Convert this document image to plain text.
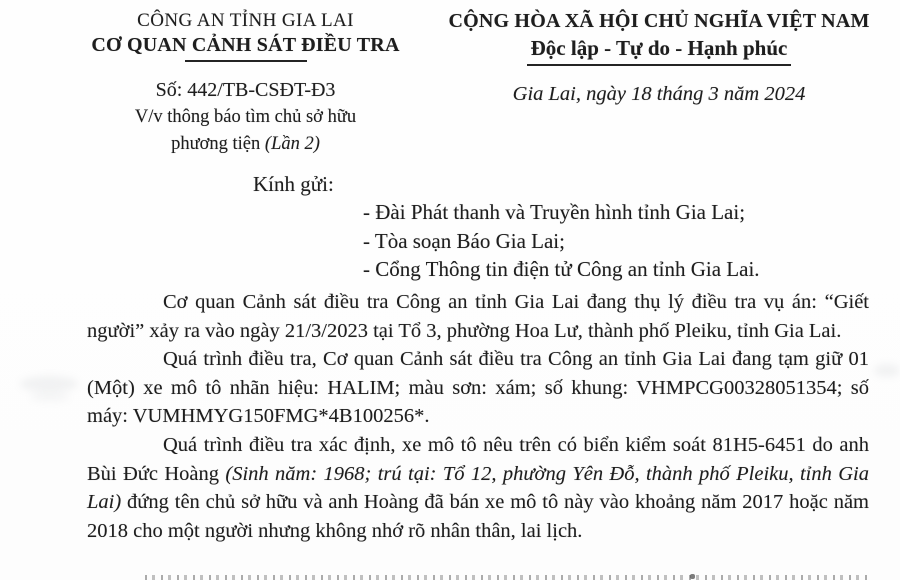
CÔNG AN TỈNH GIA LAI
CƠ QUAN CẢNH SÁT ĐIỀU TRA
Số: 442/TB-CSĐT-Đ3
V/v thông báo tìm chủ sở hữu
phương tiện (Lần 2)
CỘNG HÒA XÃ HỘI CHỦ NGHĨA VIỆT NAM
Độc lập - Tự do - Hạnh phúc
Gia Lai, ngày 18 tháng 3 năm 2024
Kính gửi:
- Đài Phát thanh và Truyền hình tỉnh Gia Lai;
- Tòa soạn Báo Gia Lai;
- Cổng Thông tin điện tử Công an tỉnh Gia Lai.

Cơ quan Cảnh sát điều tra Công an tỉnh Gia Lai đang thụ lý điều tra vụ án: “Giết người” xảy ra vào ngày 21/3/2023 tại Tổ 3, phường Hoa Lư, thành phố Pleiku, tỉnh Gia Lai.

Quá trình điều tra, Cơ quan Cảnh sát điều tra Công an tỉnh Gia Lai đang tạm giữ 01 (Một) xe mô tô nhãn hiệu: HALIM; màu sơn: xám; số khung: VHMPCG00328051354; số máy: VUMHMYG150FMG*4B100256*.

Quá trình điều tra xác định, xe mô tô nêu trên có biển kiểm soát 81H5-6451 do anh Bùi Đức Hoàng (Sinh năm: 1968; trú tại: Tổ 12, phường Yên Đỗ, thành phố Pleiku, tỉnh Gia Lai) đứng tên chủ sở hữu và anh Hoàng đã bán xe mô tô này vào khoảng năm 2017 hoặc năm 2018 cho một người nhưng không nhớ rõ nhân thân, lai lịch.
